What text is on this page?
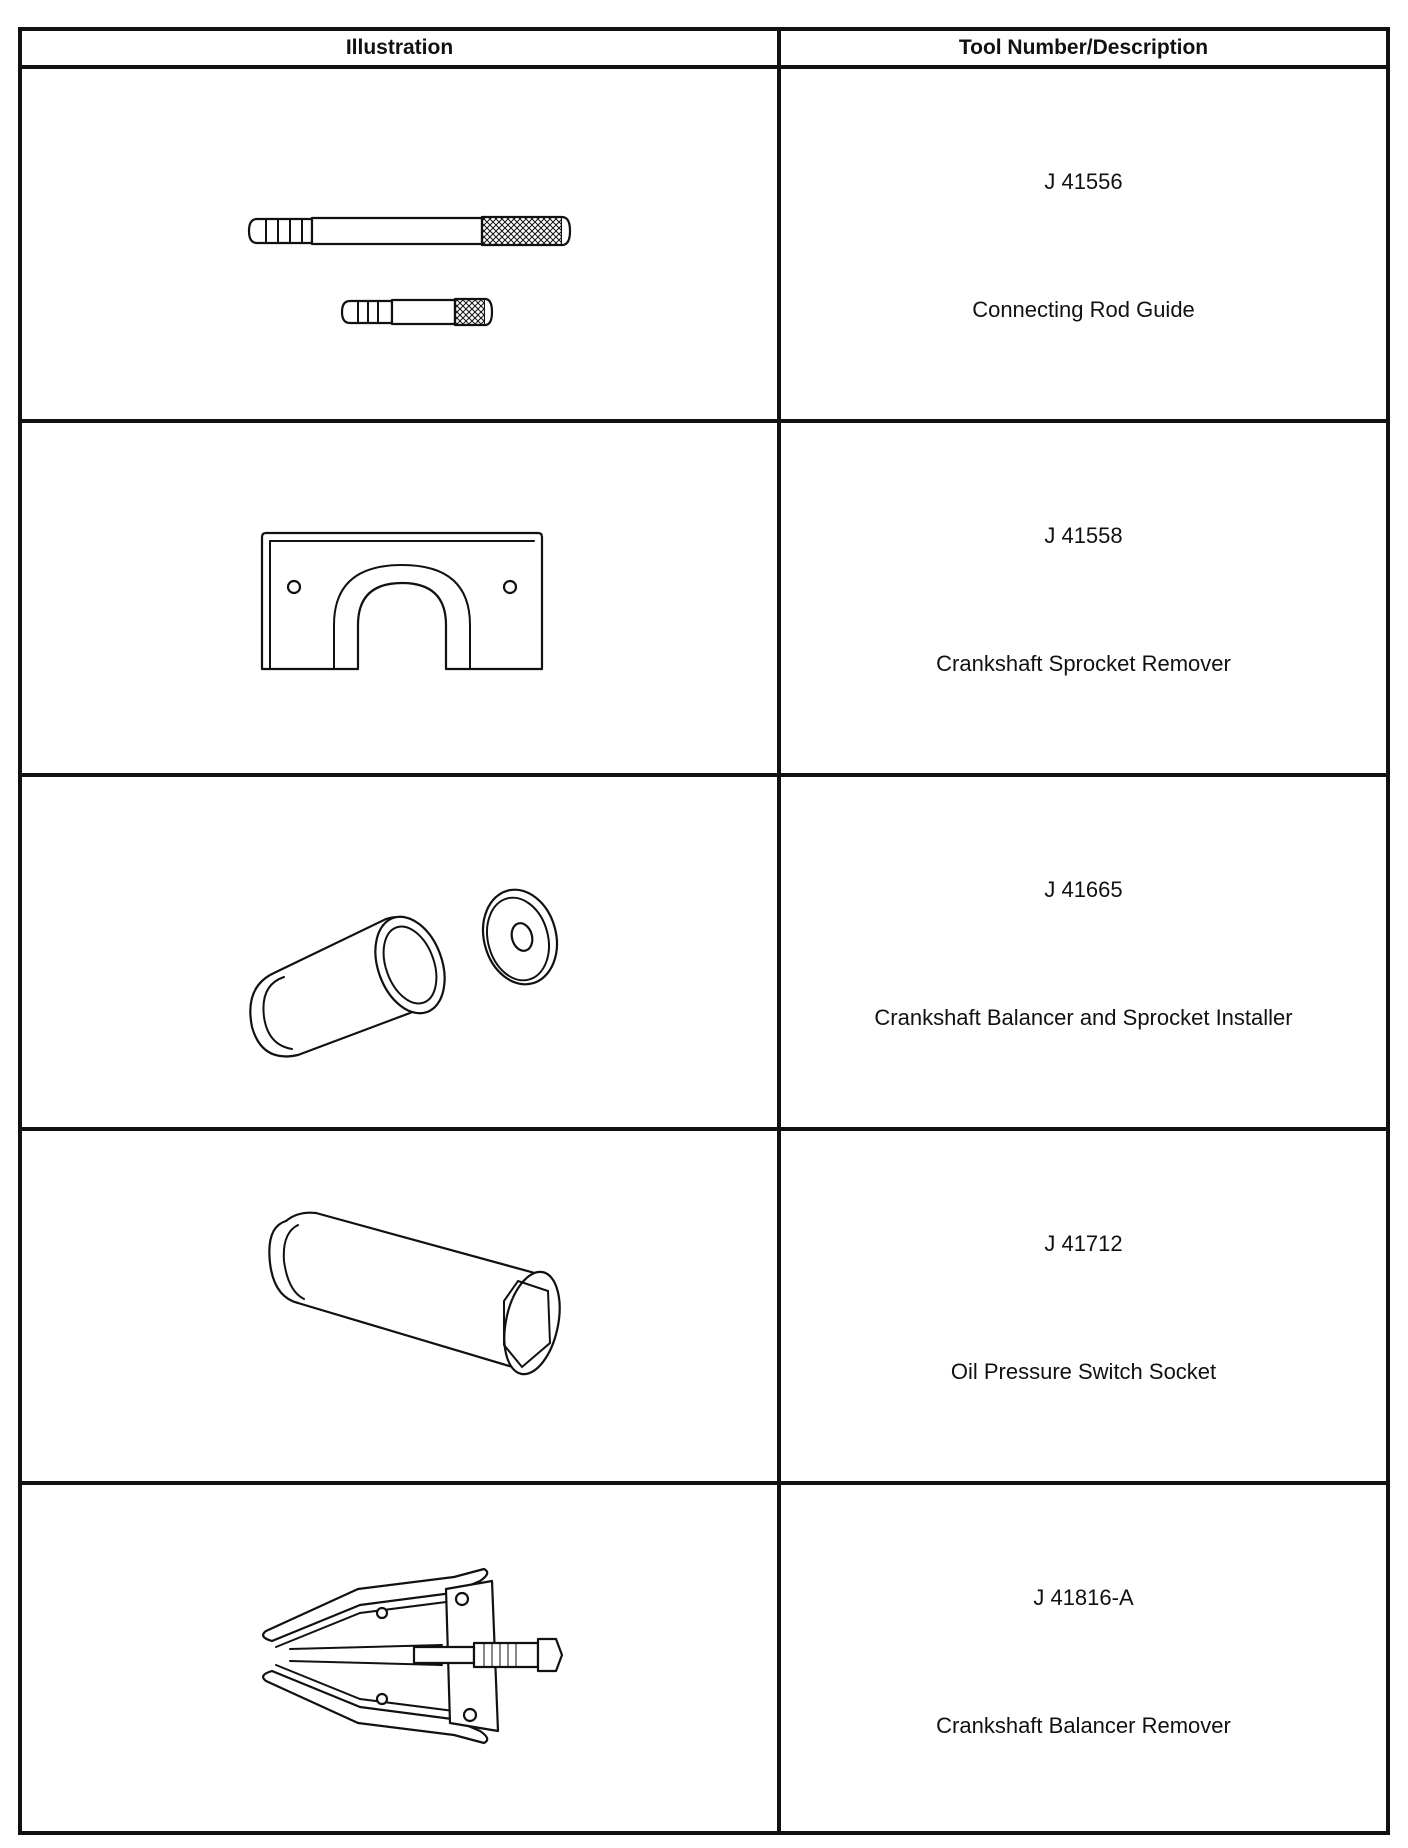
Illustration	Tool Number/Description
J 41556
Connecting Rod Guide
J 41558
Crankshaft Sprocket Remover
J 41665
Crankshaft Balancer and Sprocket Installer
J 41712
Oil Pressure Switch Socket
J 41816-A
Crankshaft Balancer Remover
